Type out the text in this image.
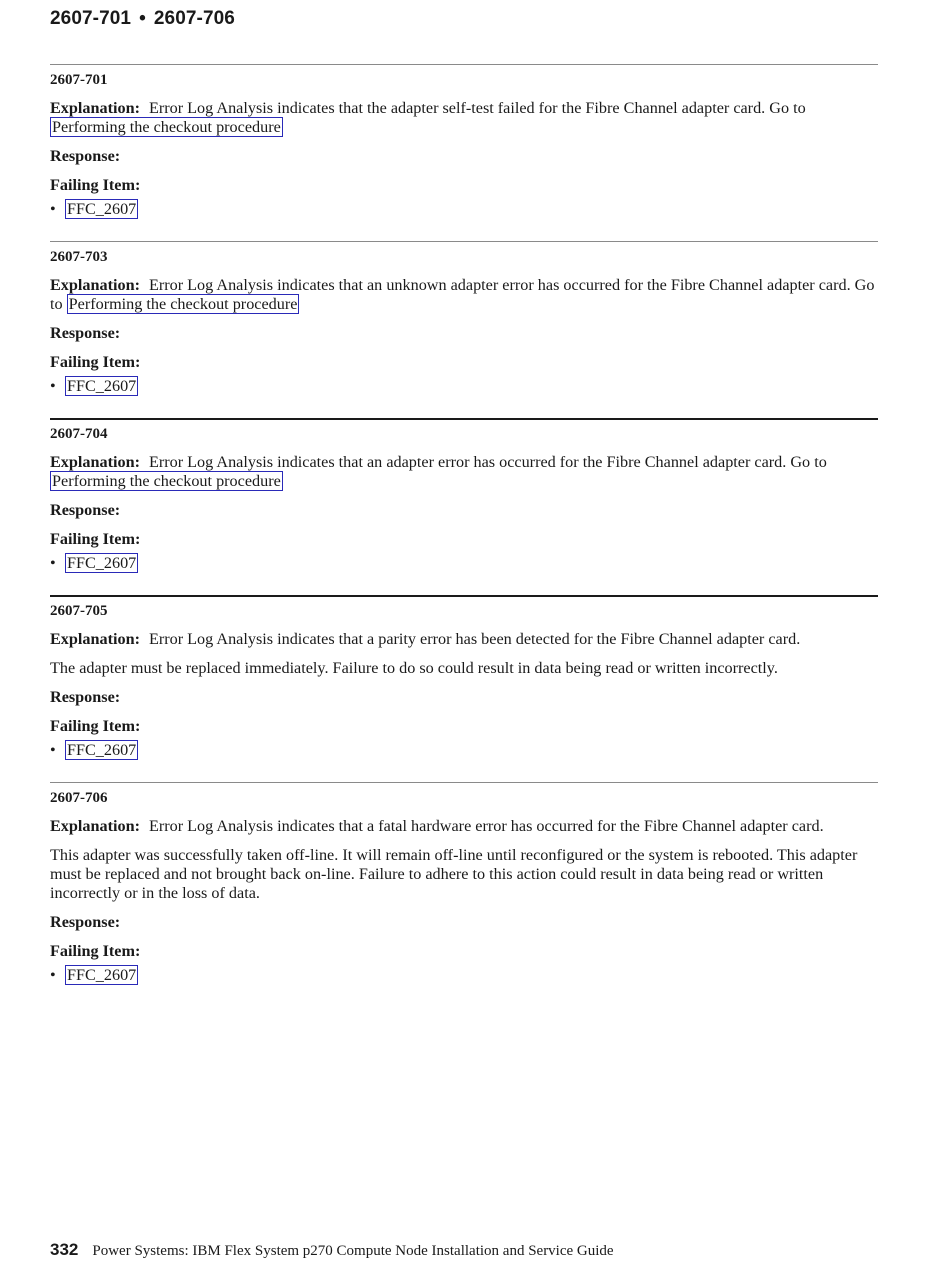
2607-701 • 2607-706
2607-701

Explanation: Error Log Analysis indicates that the adapter self-test failed for the Fibre Channel adapter card. Go to Performing the checkout procedure

Response:

Failing Item:
• FFC_2607
2607-703

Explanation: Error Log Analysis indicates that an unknown adapter error has occurred for the Fibre Channel adapter card. Go to Performing the checkout procedure

Response:

Failing Item:
• FFC_2607
2607-704

Explanation: Error Log Analysis indicates that an adapter error has occurred for the Fibre Channel adapter card. Go to Performing the checkout procedure

Response:

Failing Item:
• FFC_2607
2607-705

Explanation: Error Log Analysis indicates that a parity error has been detected for the Fibre Channel adapter card.

The adapter must be replaced immediately. Failure to do so could result in data being read or written incorrectly.

Response:

Failing Item:
• FFC_2607
2607-706

Explanation: Error Log Analysis indicates that a fatal hardware error has occurred for the Fibre Channel adapter card.

This adapter was successfully taken off-line. It will remain off-line until reconfigured or the system is rebooted. This adapter must be replaced and not brought back on-line. Failure to adhere to this action could result in data being read or written incorrectly or in the loss of data.

Response:

Failing Item:
• FFC_2607
332 Power Systems: IBM Flex System p270 Compute Node Installation and Service Guide
